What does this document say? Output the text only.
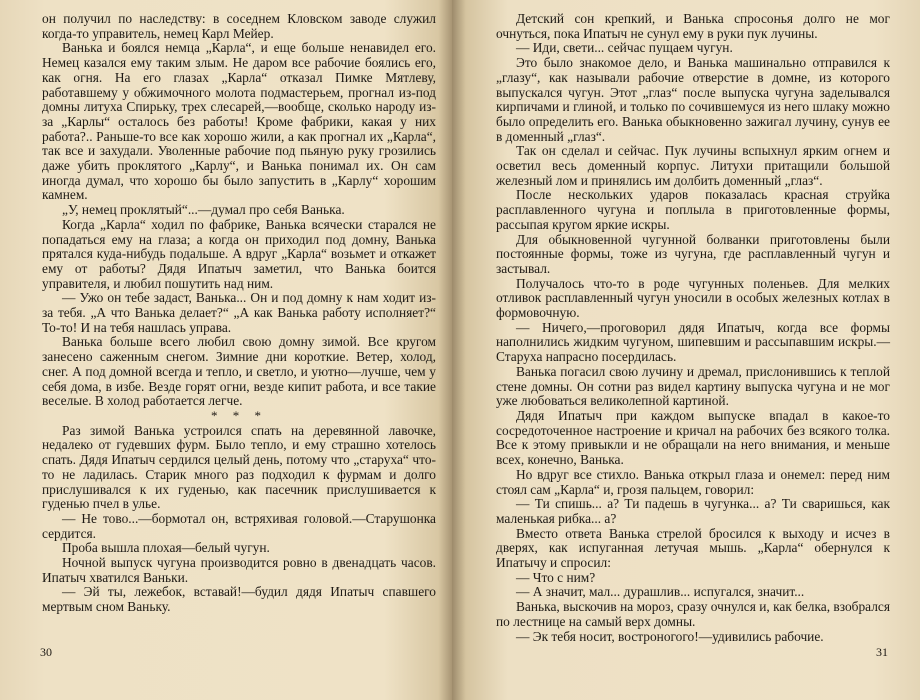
он получил по наследству: в соседнем Кловском заводе служил когда-то управитель, немец Карл Мейер.

Ванька и боялся немца „Карла“, и еще больше ненавидел его. Немец казался ему таким злым. Не даром все рабочие боялись его, как огня. На его глазах „Карла“ отказал Пимке Мятлеву, работавшему у обжимочного молота подмастерьем, прогнал из-под домны литуха Спирьку, трех слесарей,—вообще, сколько народу из-за „Карлы“ осталось без работы! Кроме фабрики, какая у них работа?.. Раньше-то все как хорошо жили, а как прогнал их „Карла“, так все и захудали. Уволенные рабочие под пьяную руку грозились даже убить проклятого „Карлу“, и Ванька понимал их. Он сам иногда думал, что хорошо бы было запустить в „Карлу“ хорошим камнем.

„У, немец проклятый“...—думал про себя Ванька.

Когда „Карла“ ходил по фабрике, Ванька всячески старался не попадаться ему на глаза; а когда он приходил под домну, Ванька прятался куда-нибудь подальше. А вдруг „Карла“ возьмет и откажет ему от работы? Дядя Ипатыч заметил, что Ванька боится управителя, и любил пошутить над ним.

— Ужо он тебе задаст, Ванька... Он и под домну к нам ходит из-за тебя. „А что Ванька делает?“ „А как Ванька работу исполняет?“ То-то! И на тебя нашлась управа.

Ванька больше всего любил свою домну зимой. Все кругом занесено саженным снегом. Зимние дни короткие. Ветер, холод, снег. А под домной всегда и тепло, и светло, и уютно—лучше, чем у себя дома, в избе. Везде горят огни, везде кипит работа, и все такие веселые. В холод работается легче.

* * *

Раз зимой Ванька устроился спать на деревянной лавочке, недалеко от гудевших фурм. Было тепло, и ему страшно хотелось спать. Дядя Ипатыч сердился целый день, потому что „старуха“ что-то не ладилась. Старик много раз подходил к фурмам и долго прислушивался к их гуденью, как пасечник прислушивается к гуденью пчел в улье.

— Не тово...—бормотал он, встряхивая головой.—Старушонка сердится.

Проба вышла плохая—белый чугун.

Ночной выпуск чугуна производится ровно в двенадцать часов. Ипатыч хватился Ваньки.

— Эй ты, лежебок, вставай!—будил дядя Ипатыч спавшего мертвым сном Ваньку.

30

Детский сон крепкий, и Ванька спросонья долго не мог очнуться, пока Ипатыч не сунул ему в руки пук лучины.

— Иди, свети... сейчас пущаем чугун.

Это было знакомое дело, и Ванька машинально отправился к „глазу“, как называли рабочие отверстие в домне, из которого выпускался чугун. Этот „глаз“ после выпуска чугуна заделывался кирпичами и глиной, и только по сочившемуся из него шлаку можно было определить его. Ванька обыкновенно зажигал лучину, сунув ее в доменный „глаз“.

Так он сделал и сейчас. Пук лучины вспыхнул ярким огнем и осветил весь доменный корпус. Литухи притащили большой железный лом и принялись им долбить доменный „глаз“.

После нескольких ударов показалась красная струйка расплавленного чугуна и поплыла в приготовленные формы, рассыпая кругом яркие искры.

Для обыкновенной чугунной болванки приготовлены были постоянные формы, тоже из чугуна, где расплавленный чугун и застывал.

Получалось что-то в роде чугунных поленьев. Для мелких отливок расплавленный чугун уносили в особых железных котлах в формовочную.

— Ничего,—проговорил дядя Ипатыч, когда все формы наполнились жидким чугуном, шипевшим и рассыпавшим искры.—Старуха напрасно посердилась.

Ванька погасил свою лучину и дремал, прислонившись к теплой стене домны. Он сотни раз видел картину выпуска чугуна и не мог уже любоваться великолепной картиной.

Дядя Ипатыч при каждом выпуске впадал в какое-то сосредоточенное настроение и кричал на рабочих без всякого толка. Все к этому привыкли и не обращали на него внимания, и меньше всех, конечно, Ванька.

Но вдруг все стихло. Ванька открыл глаза и онемел: перед ним стоял сам „Карла“ и, грозя пальцем, говорил:

— Ти спишь... а? Ти падешь в чугунка... а? Ти сваришься, как маленькая рибка... а?

Вместо ответа Ванька стрелой бросился к выходу и исчез в дверях, как испуганная летучая мышь. „Карла“ обернулся к Ипатычу и спросил:

— Что с ним?

— А значит, мал... дурашлив... испугался, значит...

Ванька, выскочив на мороз, сразу очнулся и, как белка, взобрался по лестнице на самый верх домны.

— Эк тебя носит, востроногого!—удивились рабочие.

31
